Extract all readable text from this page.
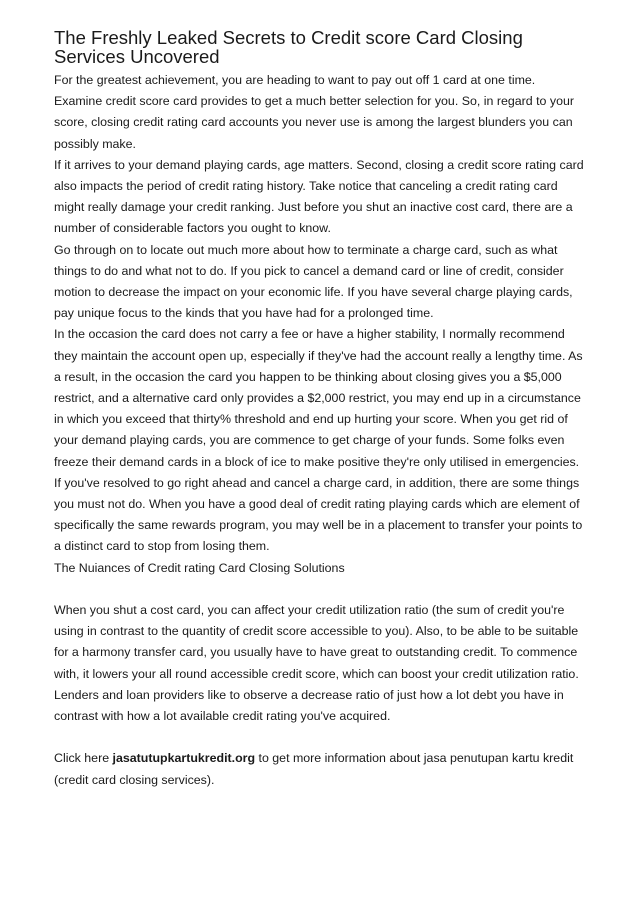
The Freshly Leaked Secrets to Credit score Card Closing Services Uncovered

For the greatest achievement, you are heading to want to pay out off 1 card at one time. Examine credit score card provides to get a much better selection for you. So, in regard to your score, closing credit rating card accounts you never use is among the largest blunders you can possibly make.

If it arrives to your demand playing cards, age matters. Second, closing a credit score rating card also impacts the period of credit rating history. Take notice that canceling a credit rating card might really damage your credit ranking. Just before you shut an inactive cost card, there are a number of considerable factors you ought to know.

Go through on to locate out much more about how to terminate a charge card, such as what things to do and what not to do. If you pick to cancel a demand card or line of credit, consider motion to decrease the impact on your economic life. If you have several charge playing cards, pay unique focus to the kinds that you have had for a prolonged time.

In the occasion the card does not carry a fee or have a higher stability, I normally recommend they maintain the account open up, especially if they've had the account really a lengthy time. As a result, in the occasion the card you happen to be thinking about closing gives you a $5,000 restrict, and a alternative card only provides a $2,000 restrict, you may end up in a circumstance in which you exceed that thirty% threshold and end up hurting your score. When you get rid of your demand playing cards, you are commence to get charge of your funds. Some folks even freeze their demand cards in a block of ice to make positive they're only utilised in emergencies. If you've resolved to go right ahead and cancel a charge card, in addition, there are some things you must not do. When you have a good deal of credit rating playing cards which are element of specifically the same rewards program, you may well be in a placement to transfer your points to a distinct card to stop from losing them.

The Nuiances of Credit rating Card Closing Solutions

When you shut a cost card, you can affect your credit utilization ratio (the sum of credit you're using in contrast to the quantity of credit score accessible to you). Also, to be able to be suitable for a harmony transfer card, you usually have to have great to outstanding credit. To commence with, it lowers your all round accessible credit score, which can boost your credit utilization ratio. Lenders and loan providers like to observe a decrease ratio of just how a lot debt you have in contrast with how a lot available credit rating you've acquired.

Click here jasatutupkartukredit.org to get more information about jasa penutupan kartu kredit (credit card closing services).
